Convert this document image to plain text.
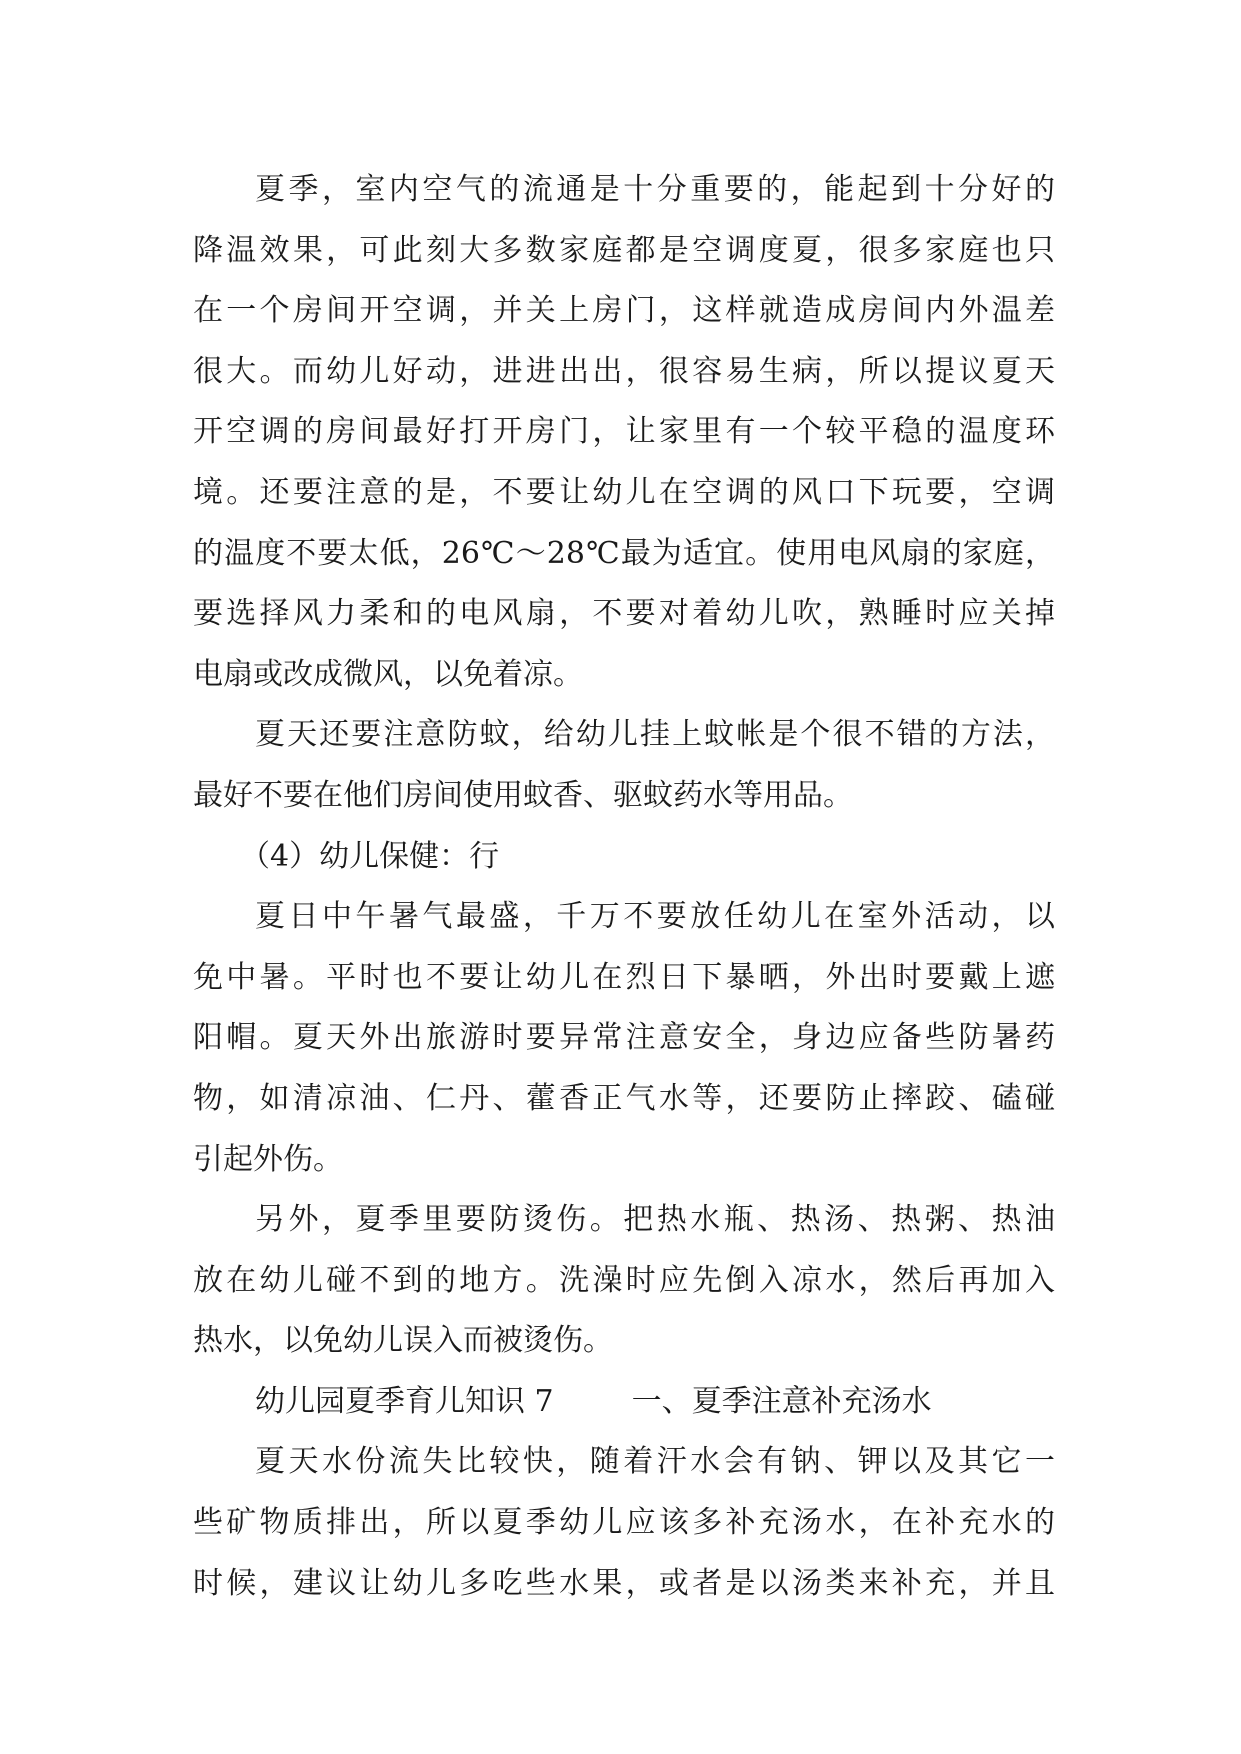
夏季，室内空气的流通是十分重要的，能起到十分好的
降温效果，可此刻大多数家庭都是空调度夏，很多家庭也只
在一个房间开空调，并关上房门，这样就造成房间内外温差
很大。而幼儿好动，进进出出，很容易生病，所以提议夏天
开空调的房间最好打开房门，让家里有一个较平稳的温度环
境。还要注意的是，不要让幼儿在空调的风口下玩要，空调
的温度不要太低，26℃～28℃最为适宜。使用电风扇的家庭，
要选择风力柔和的电风扇，不要对着幼儿吹，熟睡时应关掉
电扇或改成微风，以免着凉。
夏天还要注意防蚊，给幼儿挂上蚊帐是个很不错的方法，
最好不要在他们房间使用蚊香、驱蚊药水等用品。
（4）幼儿保健：行
夏日中午暑气最盛，千万不要放任幼儿在室外活动，以
免中暑。平时也不要让幼儿在烈日下暴晒，外出时要戴上遮
阳帽。夏天外出旅游时要异常注意安全，身边应备些防暑药
物，如清凉油、仁丹、藿香正气水等，还要防止摔跤、磕碰
引起外伤。
另外，夏季里要防烫伤。把热水瓶、热汤、热粥、热油
放在幼儿碰不到的地方。洗澡时应先倒入凉水，然后再加入
热水，以免幼儿误入而被烫伤。
幼儿园夏季育儿知识 7	一、夏季注意补充汤水
夏天水份流失比较快，随着汗水会有钠、钾以及其它一
些矿物质排出，所以夏季幼儿应该多补充汤水，在补充水的
时候，建议让幼儿多吃些水果，或者是以汤类来补充，并且
